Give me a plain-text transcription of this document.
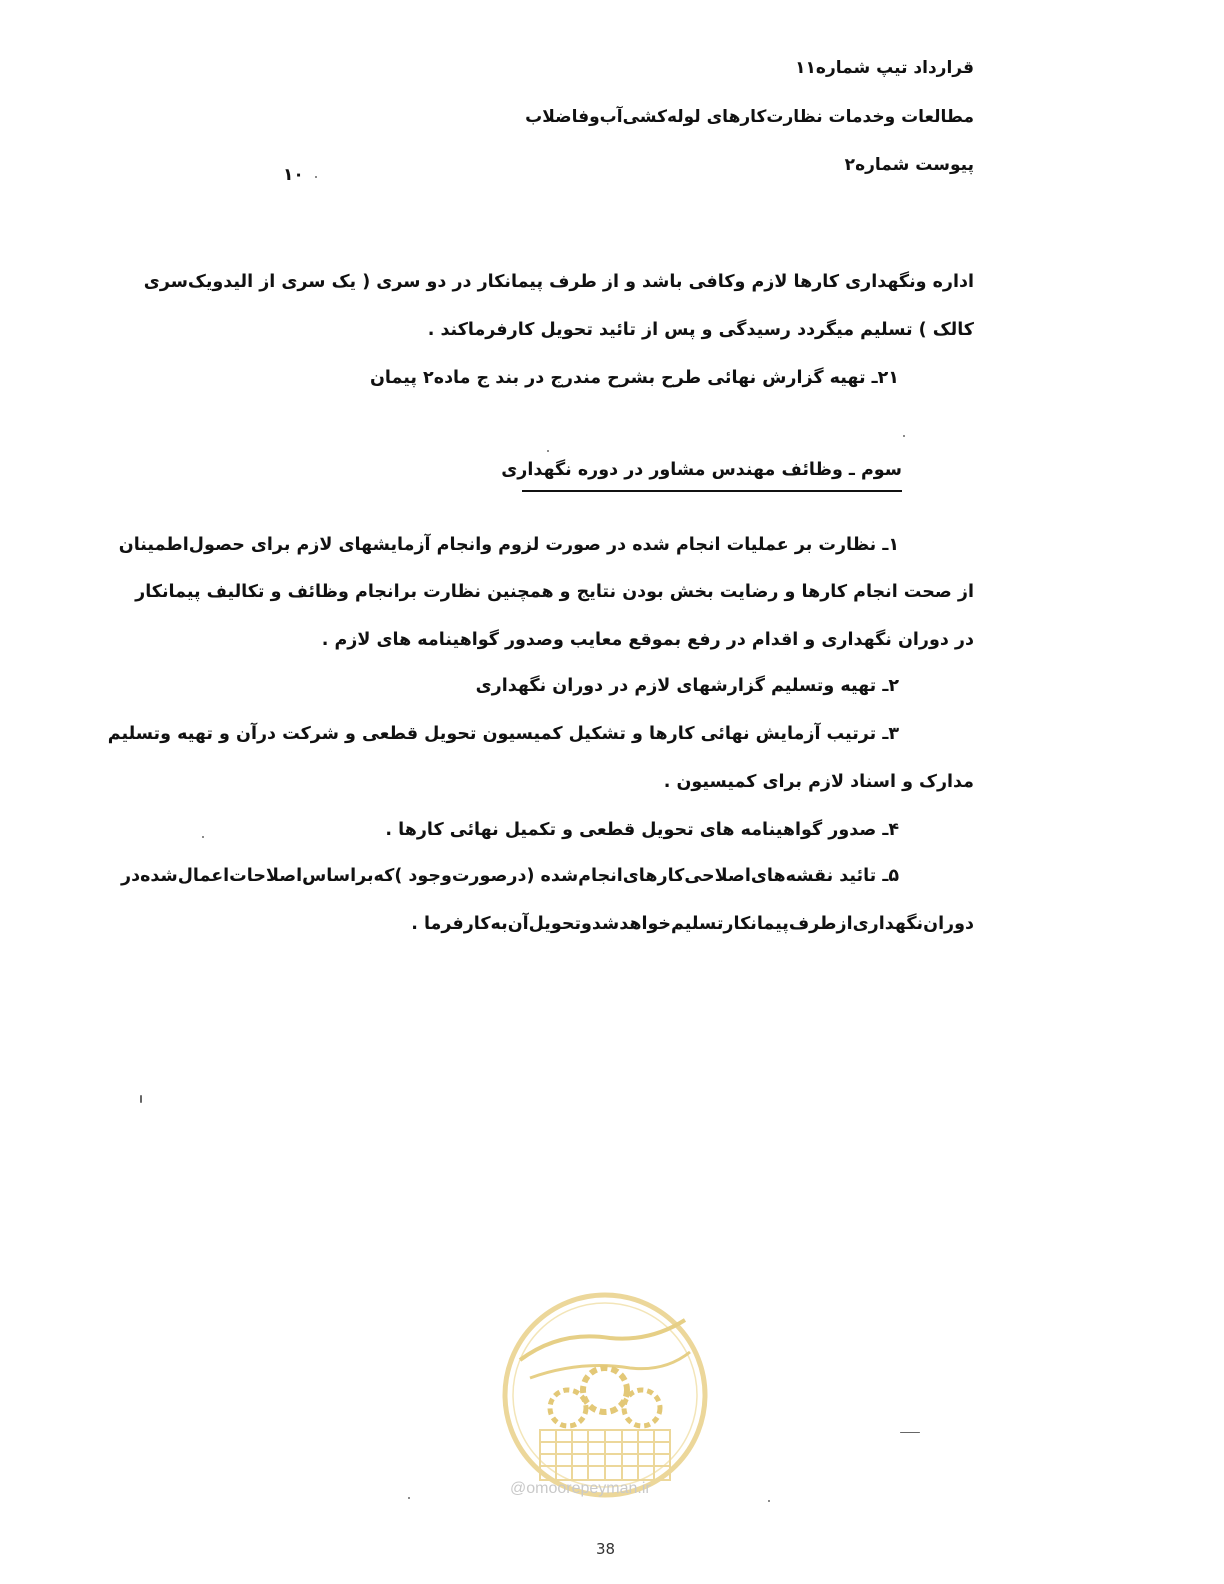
قرارداد تیپ شماره۱۱
مطالعات وخدمات نظارت‌کارهای لوله‌کشی‌آب‌وفاضلاب
پیوست شماره۲
۱۰
اداره ونگهداری کارها لازم وکافی باشد و از طرف پیمانکار در دو سری ( یک سری از الیدویک‌سری
کالک ) تسلیم میگردد رسیدگی و پس از تائید تحویل کارفرماکند .
۲۱ـ تهیه گزارش نهائی طرح بشرح مندرج در بند ج ماده۲ پیمان
سوم ـ وظائف مهندس مشاور در دوره نگهداری
۱ـ نظارت بر عملیات انجام شده در صورت لزوم وانجام آزمایشهای لازم برای حصول‌اطمینان
از صحت انجام کارها و رضایت بخش بودن نتایج و همچنین نظارت برانجام وظائف و تکالیف پیمانکار
در دوران نگهداری و اقدام در رفع بموقع معایب وصدور گواهینامه های لازم .
۲ـ تهیه وتسلیم گزارشهای لازم در دوران نگهداری
۳ـ ترتیب آزمایش نهائی کارها و تشکیل کمیسیون تحویل قطعی و شرکت درآن و تهیه وتسلیم
مدارک و اسناد لازم برای کمیسیون .
۴ـ صدور گواهینامه های تحویل قطعی و تکمیل نهائی کارها .
۵ـ تائید نقشه‌های‌اصلاحی‌کارهای‌انجام‌شده (درصورت‌وجود )که‌براساس‌اصلاحات‌اعمال‌شده‌در
دوران‌نگهداری‌ازطرف‌پیمانکارتسلیم‌خواهدشدوتحویل‌آن‌به‌کارفرما .
@omoorepeyman.ir
38
